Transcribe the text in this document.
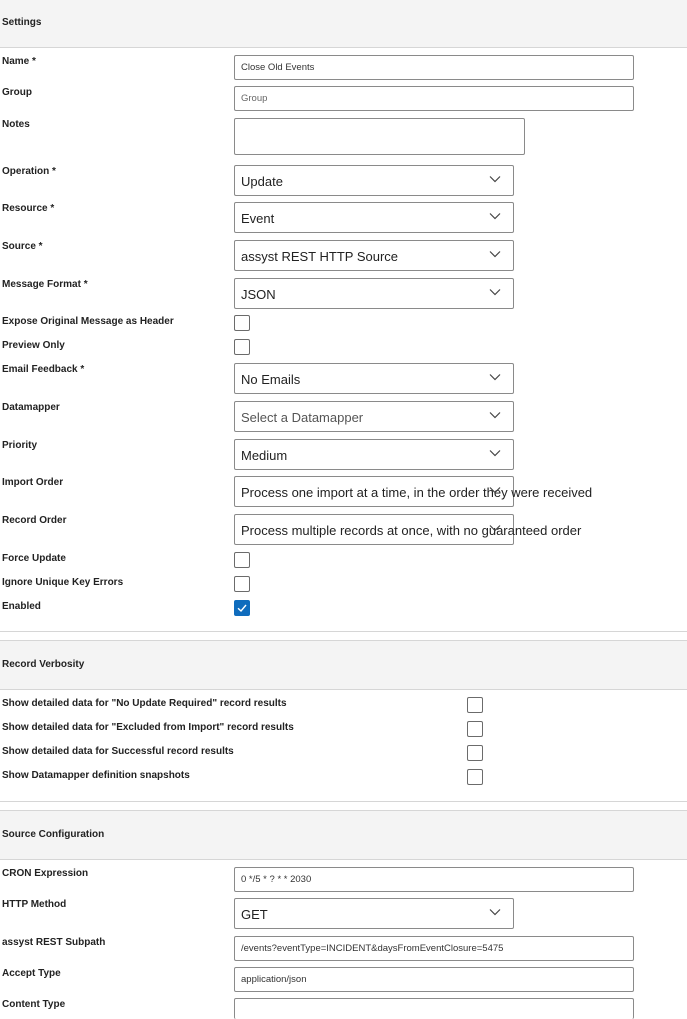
Settings
Name *
Close Old Events
Group
Group
Notes
Operation *
Update
Resource *
Event
Source *
assyst REST HTTP Source
Message Format *
JSON
Expose Original Message as Header
Preview Only
Email Feedback *
No Emails
Datamapper
Select a Datamapper
Priority
Medium
Import Order
Process one import at a time, in the order they were received
Record Order
Process multiple records at once, with no guaranteed order
Force Update
Ignore Unique Key Errors
Enabled
Record Verbosity
Show detailed data for "No Update Required" record results
Show detailed data for "Excluded from Import" record results
Show detailed data for Successful record results
Show Datamapper definition snapshots
Source Configuration
CRON Expression
0 */5 * ? * * 2030
HTTP Method
GET
assyst REST Subpath
/events?eventType=INCIDENT&daysFromEventClosure=5475
Accept Type
application/json
Content Type
